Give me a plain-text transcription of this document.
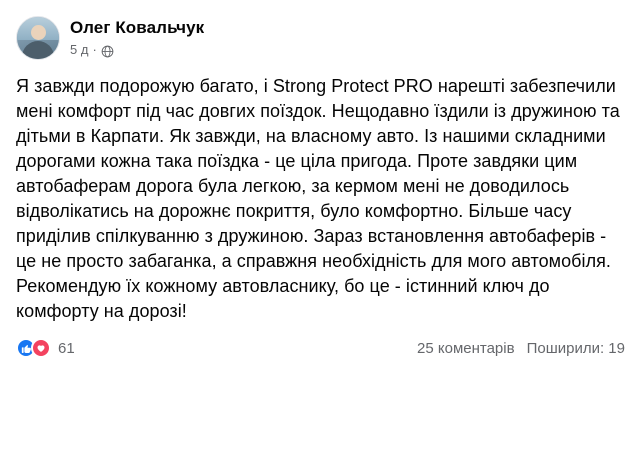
Олег Ковальчук
5 д ·
Я завжди подорожую багато, і Strong Protect PRO нарешті забезпечили мені комфорт під час довгих поїздок. Нещодавно їздили із дружиною та дітьми в Карпати. Як завжди, на власному авто. Із нашими складними дорогами кожна така поїздка - це ціла пригода. Проте завдяки цим автобаферам дорога була легкою, за кермом мені не доводилось відволікатись на дорожнє покриття, було комфортно. Більше часу приділив спілкуванню з дружиною. Зараз встановлення автобаферів - це не просто забаганка, а справжня необхідність для мого автомобіля. Рекомендую їх кожному автовласнику, бо це - істинний ключ до комфорту на дорозі!
61	25 коментарів Поширили: 19
